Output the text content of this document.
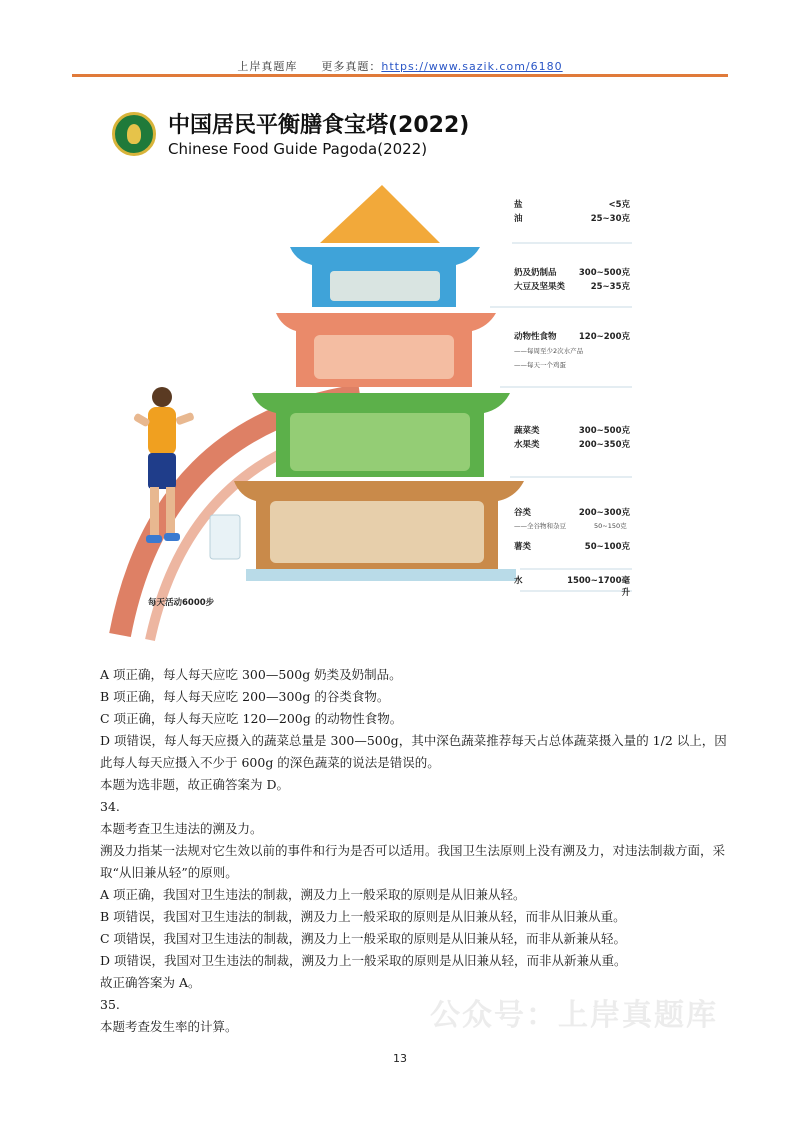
上岸真题库　　更多真题：https://www.sazik.com/6180
中国居民平衡膳食宝塔(2022)
Chinese Food Guide Pagoda(2022)
盐	<5克
油	25~30克
奶及奶制品	300~500克
大豆及坚果类	25~35克
动物性食物	120~200克
——每周至少2次水产品
——每天一个鸡蛋
蔬菜类	300~500克
水果类	200~350克
谷类	200~300克
——全谷物和杂豆	50~150克
薯类	50~100克
水	1500~1700毫升
每天活动6000步
A 项正确，每人每天应吃 300—500g 奶类及奶制品。
B 项正确，每人每天应吃 200—300g 的谷类食物。
C 项正确，每人每天应吃 120—200g 的动物性食物。
D 项错误，每人每天应摄入的蔬菜总量是 300—500g，其中深色蔬菜推荐每天占总体蔬菜摄入量的 1/2 以上，因此每人每天应摄入不少于 600g 的深色蔬菜的说法是错误的。
本题为选非题，故正确答案为 D。
34.
本题考查卫生违法的溯及力。
溯及力指某一法规对它生效以前的事件和行为是否可以适用。我国卫生法原则上没有溯及力，对违法制裁方面，采取“从旧兼从轻”的原则。
A 项正确，我国对卫生违法的制裁，溯及力上一般采取的原则是从旧兼从轻。
B 项错误，我国对卫生违法的制裁，溯及力上一般采取的原则是从旧兼从轻，而非从旧兼从重。
C 项错误，我国对卫生违法的制裁，溯及力上一般采取的原则是从旧兼从轻，而非从新兼从轻。
D 项错误，我国对卫生违法的制裁，溯及力上一般采取的原则是从旧兼从轻，而非从新兼从重。
故正确答案为 A。
35.
本题考查发生率的计算。	公众号：上岸真题库
13
